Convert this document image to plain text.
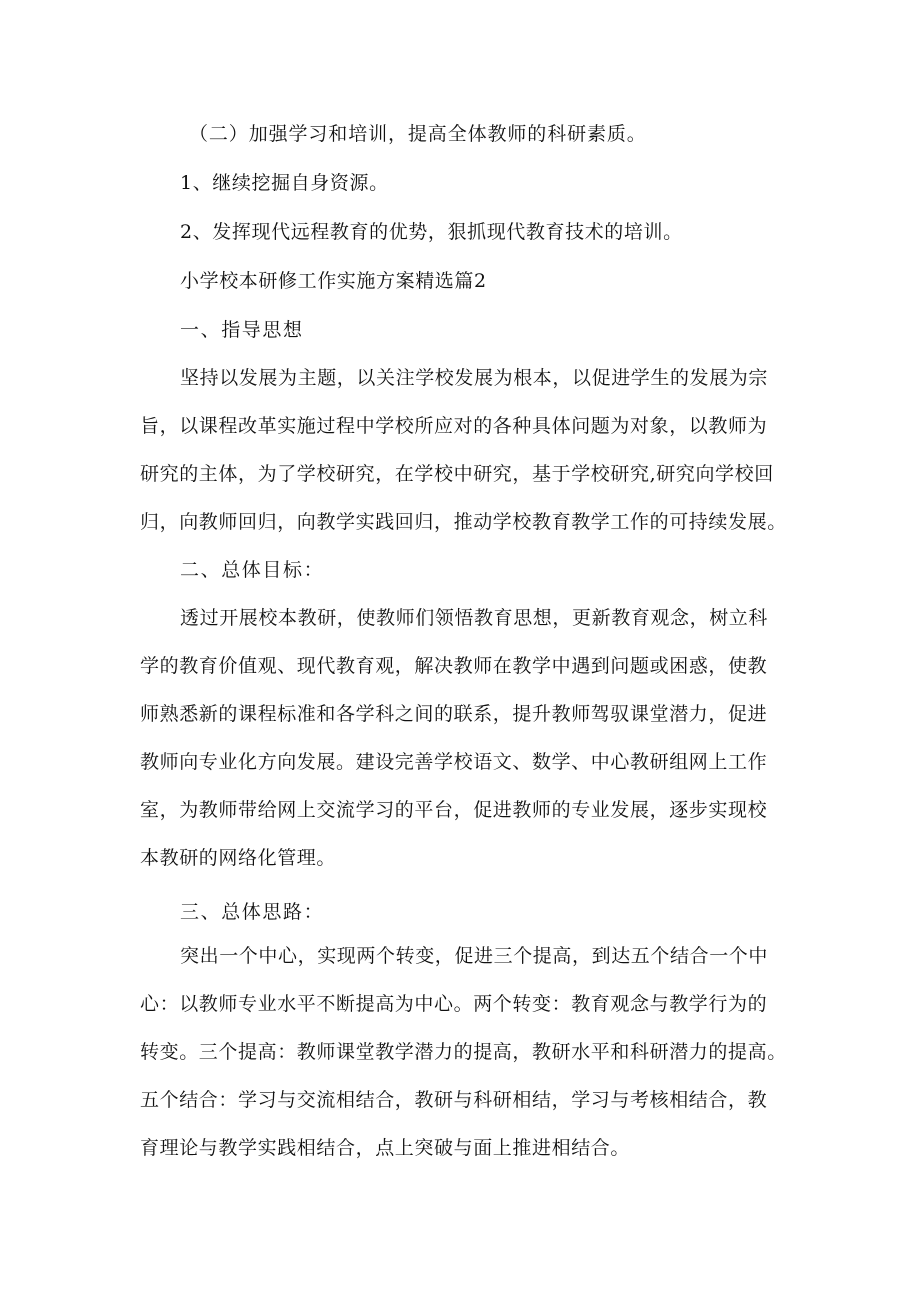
（二）加强学习和培训，提高全体教师的科研素质。

1、继续挖掘自身资源。

2、发挥现代远程教育的优势，狠抓现代教育技术的培训。

小学校本研修工作实施方案精选篇2

一、指导思想

坚持以发展为主题，以关注学校发展为根本，以促进学生的发展为宗

旨，以课程改革实施过程中学校所应对的各种具体问题为对象，以教师为

研究的主体，为了学校研究，在学校中研究，基于学校研究,研究向学校回

归，向教师回归，向教学实践回归，推动学校教育教学工作的可持续发展。

二、总体目标：

透过开展校本教研，使教师们领悟教育思想，更新教育观念，树立科

学的教育价值观、现代教育观，解决教师在教学中遇到问题或困惑，使教

师熟悉新的课程标准和各学科之间的联系，提升教师驾驭课堂潜力，促进

教师向专业化方向发展。建设完善学校语文、数学、中心教研组网上工作

室，为教师带给网上交流学习的平台，促进教师的专业发展，逐步实现校

本教研的网络化管理。

三、总体思路：

突出一个中心，实现两个转变，促进三个提高，到达五个结合一个中

心：以教师专业水平不断提高为中心。两个转变：教育观念与教学行为的

转变。三个提高：教师课堂教学潜力的提高，教研水平和科研潜力的提高。

五个结合：学习与交流相结合，教研与科研相结，学习与考核相结合，教

育理论与教学实践相结合，点上突破与面上推进相结合。
